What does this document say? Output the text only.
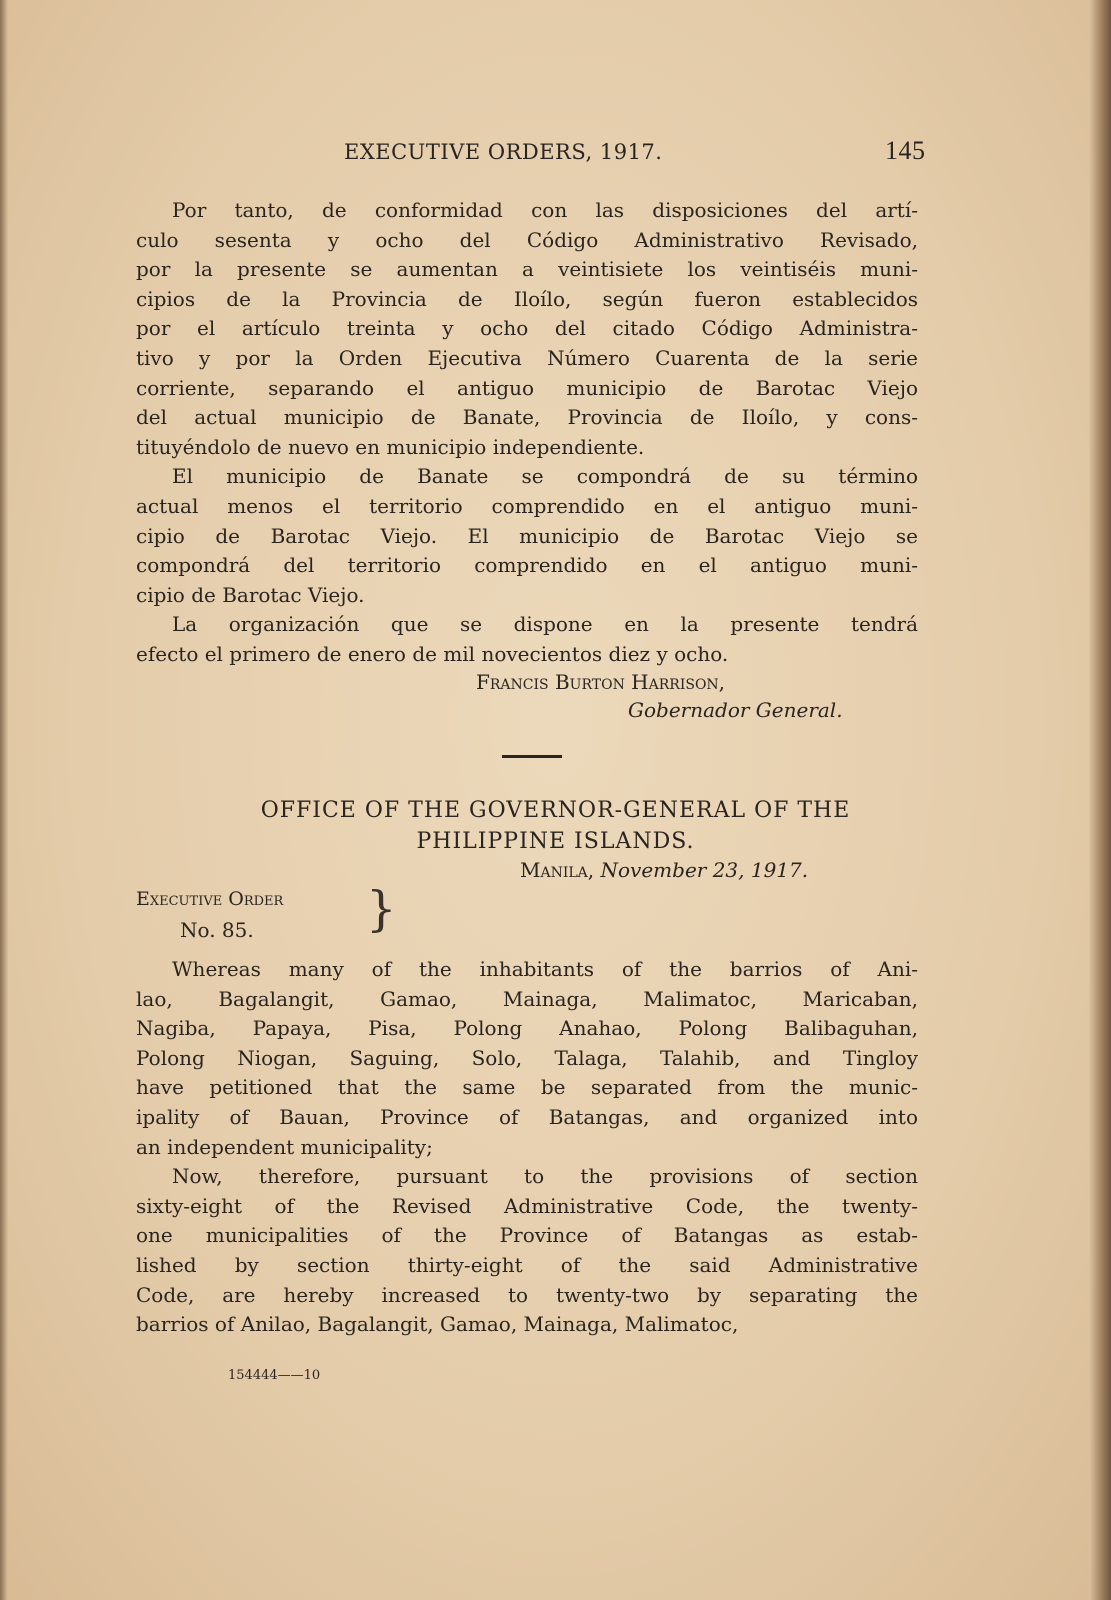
EXECUTIVE ORDERS, 1917.	145
Por tanto, de conformidad con las disposiciones del artí-
culo sesenta y ocho del Código Administrativo Revisado,
por la presente se aumentan a veintisiete los veintiséis muni-
cipios de la Provincia de Iloílo, según fueron establecidos
por el artículo treinta y ocho del citado Código Administra-
tivo y por la Orden Ejecutiva Número Cuarenta de la serie
corriente, separando el antiguo municipio de Barotac Viejo
del actual municipio de Banate, Provincia de Iloílo, y cons-
tituyéndolo de nuevo en municipio independiente.
El municipio de Banate se compondrá de su término
actual menos el territorio comprendido en el antiguo muni-
cipio de Barotac Viejo. El municipio de Barotac Viejo se
compondrá del territorio comprendido en el antiguo muni-
cipio de Barotac Viejo.
La organización que se dispone en la presente tendrá
efecto el primero de enero de mil novecientos diez y ocho.
Francis Burton Harrison,
Gobernador General.
OFFICE OF THE GOVERNOR-GENERAL OF THE
PHILIPPINE ISLANDS.
Manila, November 23, 1917.
Executive Order
No. 85. }
Whereas many of the inhabitants of the barrios of Ani-
lao, Bagalangit, Gamao, Mainaga, Malimatoc, Maricaban,
Nagiba, Papaya, Pisa, Polong Anahao, Polong Balibaguhan,
Polong Niogan, Saguing, Solo, Talaga, Talahib, and Tingloy
have petitioned that the same be separated from the munic-
ipality of Bauan, Province of Batangas, and organized into
an independent municipality;
Now, therefore, pursuant to the provisions of section
sixty-eight of the Revised Administrative Code, the twenty-
one municipalities of the Province of Batangas as estab-
lished by section thirty-eight of the said Administrative
Code, are hereby increased to twenty-two by separating the
barrios of Anilao, Bagalangit, Gamao, Mainaga, Malimatoc,
154444——10
